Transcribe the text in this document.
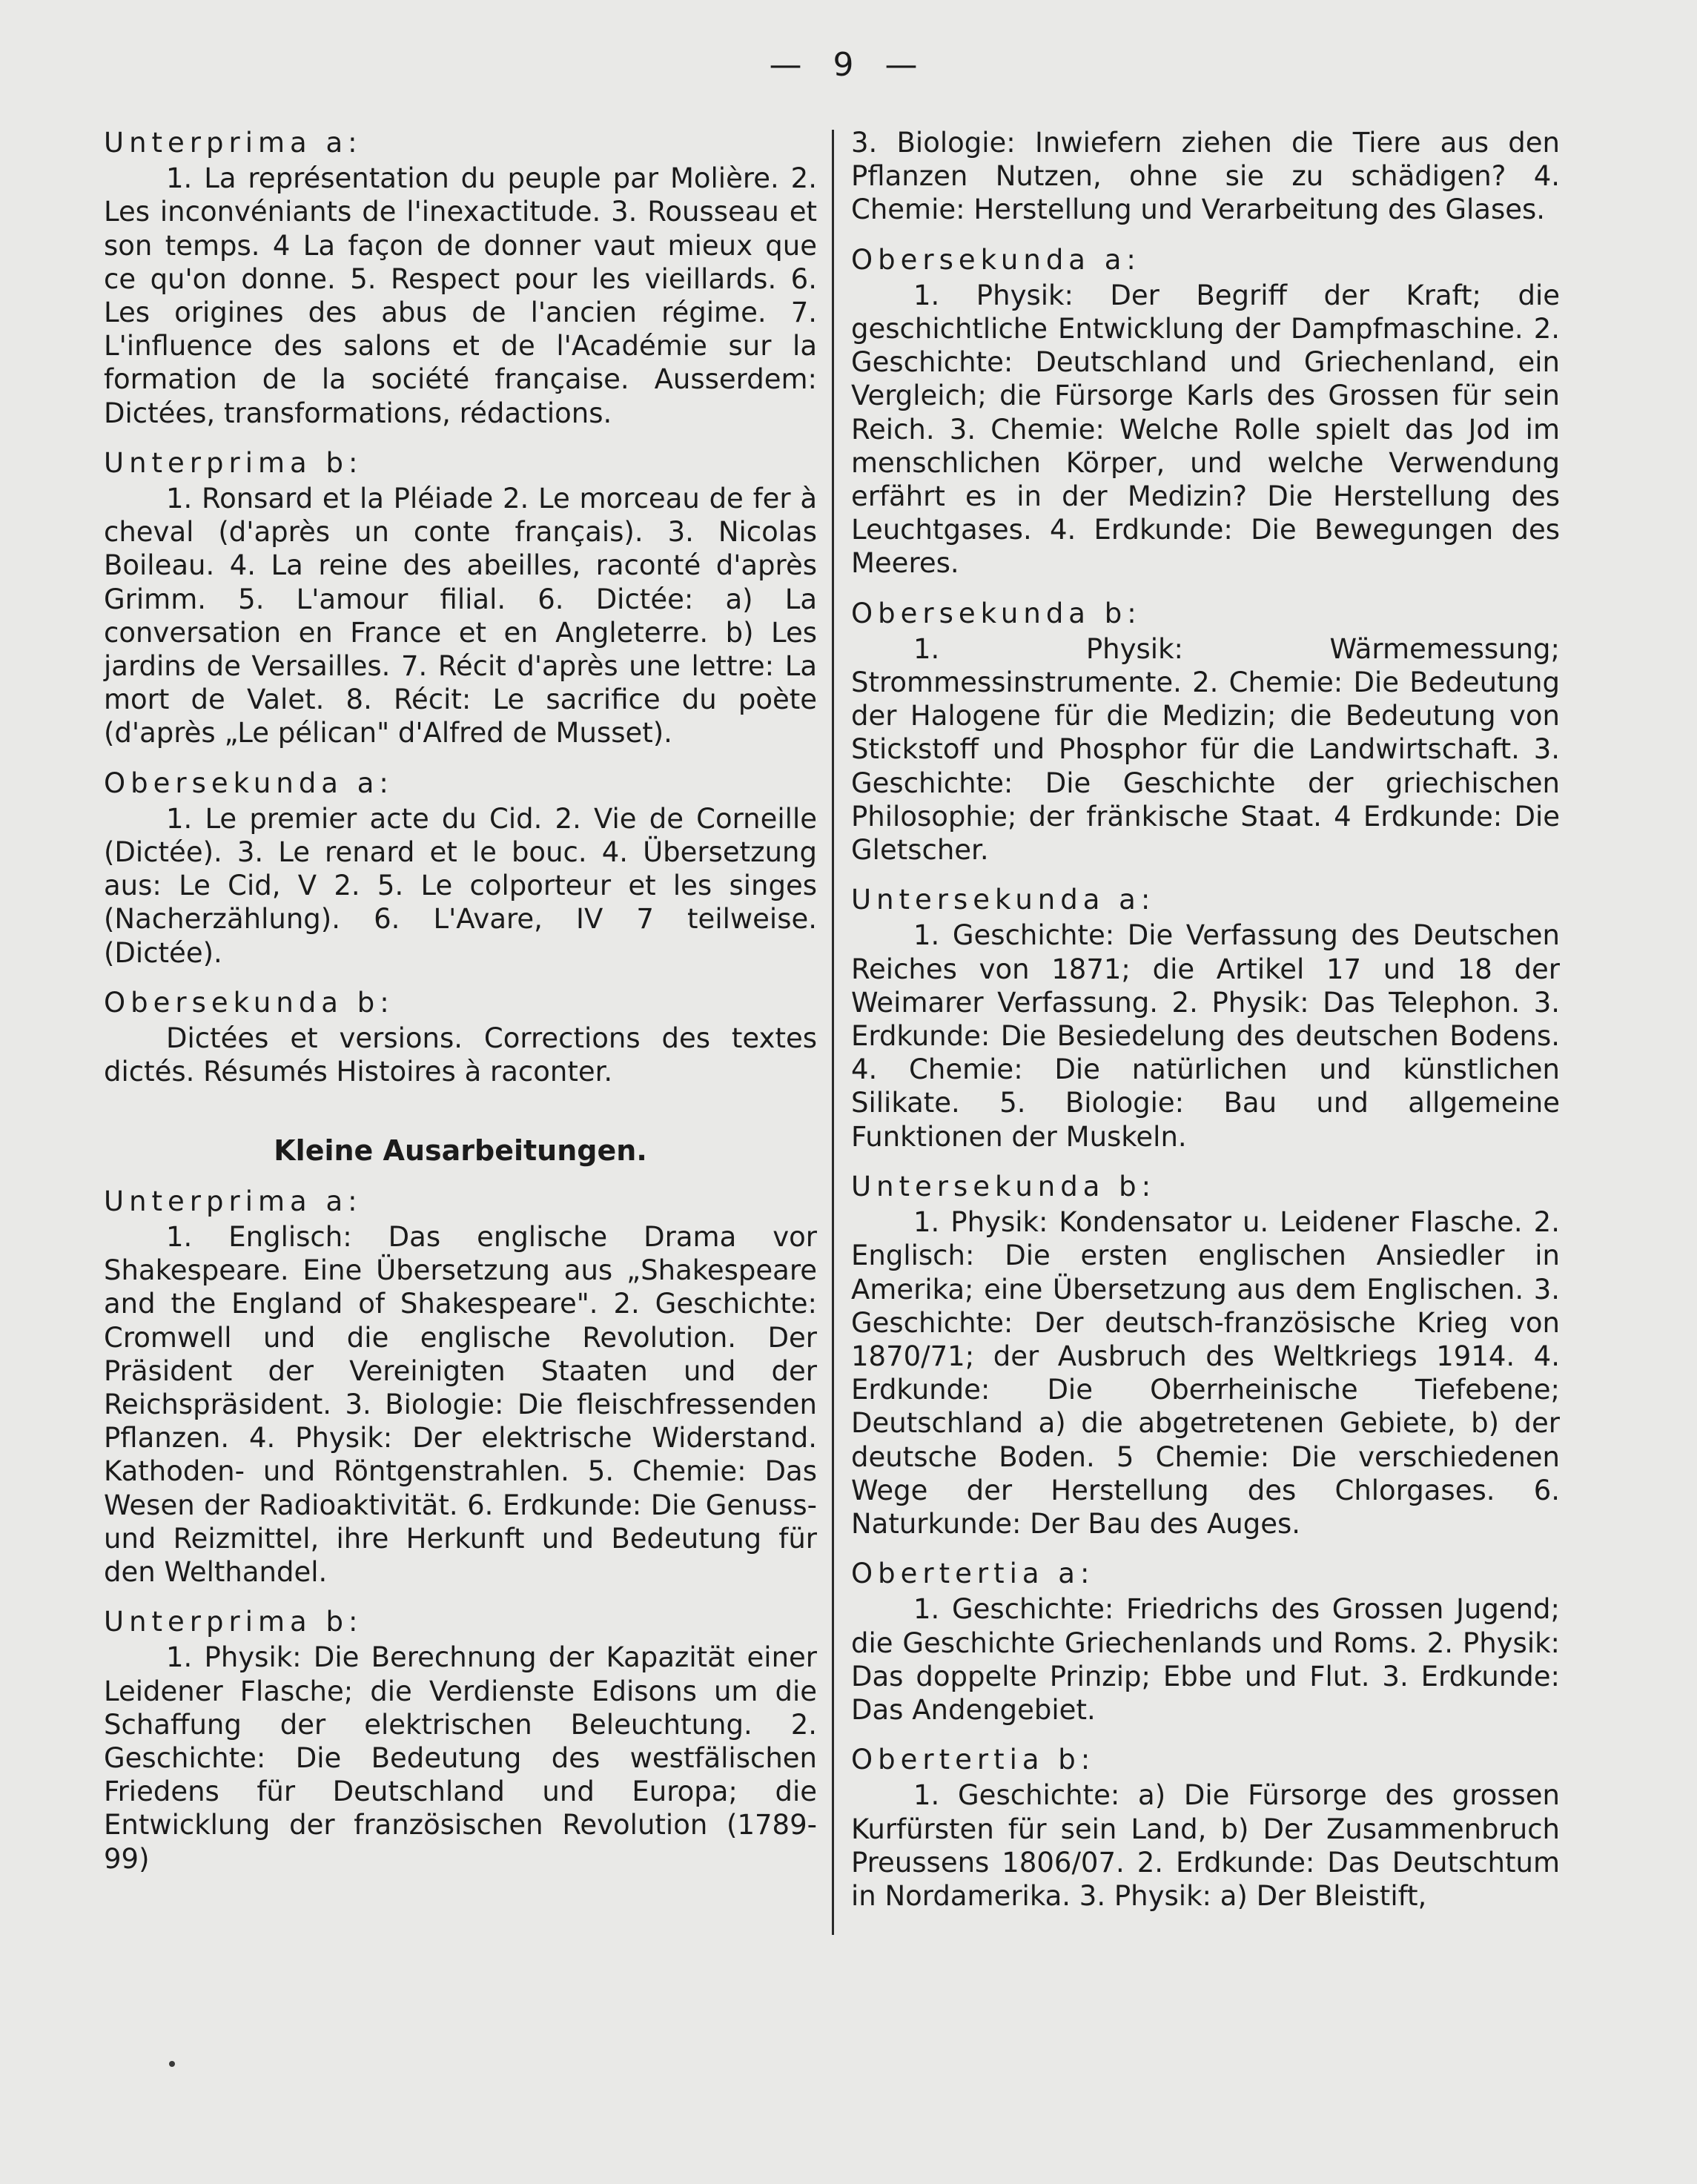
— 9 —
Unterprima a:
1. La représentation du peuple par Molière. 2. Les inconvéniants de l'inexactitude. 3. Rousseau et son temps. 4 La façon de donner vaut mieux que ce qu'on donne. 5. Respect pour les vieillards. 6. Les origines des abus de l'ancien régime. 7. L'influence des salons et de l'Académie sur la formation de la société française. Ausserdem: Dictées, transformations, rédactions.
Unterprima b:
1. Ronsard et la Pléiade 2. Le morceau de fer à cheval (d'après un conte français). 3. Nicolas Boileau. 4. La reine des abeilles, raconté d'après Grimm. 5. L'amour filial. 6. Dictée: a) La conversation en France et en Angleterre. b) Les jardins de Versailles. 7. Récit d'après une lettre: La mort de Valet. 8. Récit: Le sacrifice du poète (d'après „Le pélican" d'Alfred de Musset).
Obersekunda a:
1. Le premier acte du Cid. 2. Vie de Corneille (Dictée). 3. Le renard et le bouc. 4. Übersetzung aus: Le Cid, V 2. 5. Le colporteur et les singes (Nacherzählung). 6. L'Avare, IV 7 teilweise. (Dictée).
Obersekunda b:
Dictées et versions. Corrections des textes dictés. Résumés Histoires à raconter.
Kleine Ausarbeitungen.
Unterprima a:
1. Englisch: Das englische Drama vor Shakespeare. Eine Übersetzung aus „Shakespeare and the England of Shakespeare". 2. Geschichte: Cromwell und die englische Revolution. Der Präsident der Vereinigten Staaten und der Reichspräsident. 3. Biologie: Die fleischfressenden Pflanzen. 4. Physik: Der elektrische Widerstand. Kathoden- und Röntgenstrahlen. 5. Chemie: Das Wesen der Radioaktivität. 6. Erdkunde: Die Genuss- und Reizmittel, ihre Herkunft und Bedeutung für den Welthandel.
Unterprima b:
1. Physik: Die Berechnung der Kapazität einer Leidener Flasche; die Verdienste Edisons um die Schaffung der elektrischen Beleuchtung. 2. Geschichte: Die Bedeutung des westfälischen Friedens für Deutschland und Europa; die Entwicklung der französischen Revolution (1789-99)
3. Biologie: Inwiefern ziehen die Tiere aus den Pflanzen Nutzen, ohne sie zu schädigen? 4. Chemie: Herstellung und Verarbeitung des Glases.
Obersekunda a:
1. Physik: Der Begriff der Kraft; die geschichtliche Entwicklung der Dampfmaschine. 2. Geschichte: Deutschland und Griechenland, ein Vergleich; die Fürsorge Karls des Grossen für sein Reich. 3. Chemie: Welche Rolle spielt das Jod im menschlichen Körper, und welche Verwendung erfährt es in der Medizin? Die Herstellung des Leuchtgases. 4. Erdkunde: Die Bewegungen des Meeres.
Obersekunda b:
1. Physik: Wärmemessung; Strommessinstrumente. 2. Chemie: Die Bedeutung der Halogene für die Medizin; die Bedeutung von Stickstoff und Phosphor für die Landwirtschaft. 3. Geschichte: Die Geschichte der griechischen Philosophie; der fränkische Staat. 4 Erdkunde: Die Gletscher.
Untersekunda a:
1. Geschichte: Die Verfassung des Deutschen Reiches von 1871; die Artikel 17 und 18 der Weimarer Verfassung. 2. Physik: Das Telephon. 3. Erdkunde: Die Besiedelung des deutschen Bodens. 4. Chemie: Die natürlichen und künstlichen Silikate. 5. Biologie: Bau und allgemeine Funktionen der Muskeln.
Untersekunda b:
1. Physik: Kondensator u. Leidener Flasche. 2. Englisch: Die ersten englischen Ansiedler in Amerika; eine Übersetzung aus dem Englischen. 3. Geschichte: Der deutsch-französische Krieg von 1870/71; der Ausbruch des Weltkriegs 1914. 4. Erdkunde: Die Oberrheinische Tiefebene; Deutschland a) die abgetretenen Gebiete, b) der deutsche Boden. 5 Chemie: Die verschiedenen Wege der Herstellung des Chlorgases. 6. Naturkunde: Der Bau des Auges.
Obertertia a:
1. Geschichte: Friedrichs des Grossen Jugend; die Geschichte Griechenlands und Roms. 2. Physik: Das doppelte Prinzip; Ebbe und Flut. 3. Erdkunde: Das Andengebiet.
Obertertia b:
1. Geschichte: a) Die Fürsorge des grossen Kurfürsten für sein Land, b) Der Zusammenbruch Preussens 1806/07. 2. Erdkunde: Das Deutschtum in Nordamerika. 3. Physik: a) Der Bleistift,
